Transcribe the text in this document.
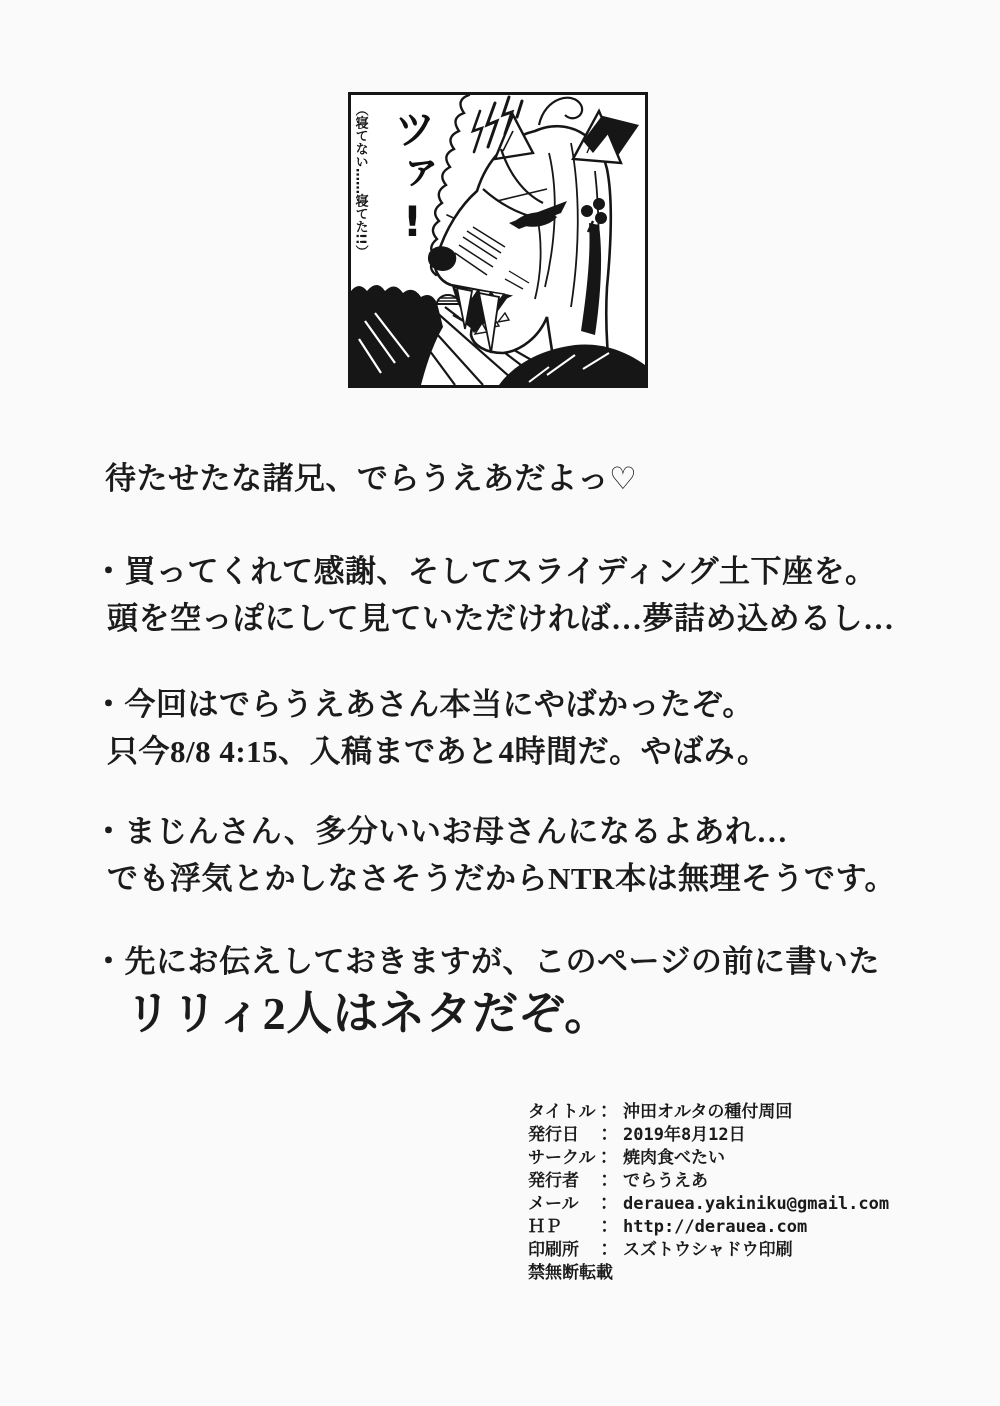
ツァ!
（寝てない……寝てた!!）

待たせたな諸兄、でらうえあだよっ♡

・買ってくれて感謝、そしてスライディング土下座を。

頭を空っぽにして見ていただければ…夢詰め込めるし…

・今回はでらうえあさん本当にやばかったぞ。

只今8/8 4:15、入稿まであと4時間だ。やばみ。

・まじんさん、多分いいお母さんになるよあれ…

でも浮気とかしなさそうだからNTR本は無理そうです。

・先にお伝えしておきますが、このページの前に書いた

リリィ2人はネタだぞ。

タイトル： 沖田オルタの種付周回
発行日　： 2019年8月12日
サークル： 焼肉食べたい
発行者　： でらうえあ
メール　： derauea.yakiniku@gmail.com
ＨＰ　　： http://derauea.com
印刷所　： スズトウシャドウ印刷
禁無断転載
